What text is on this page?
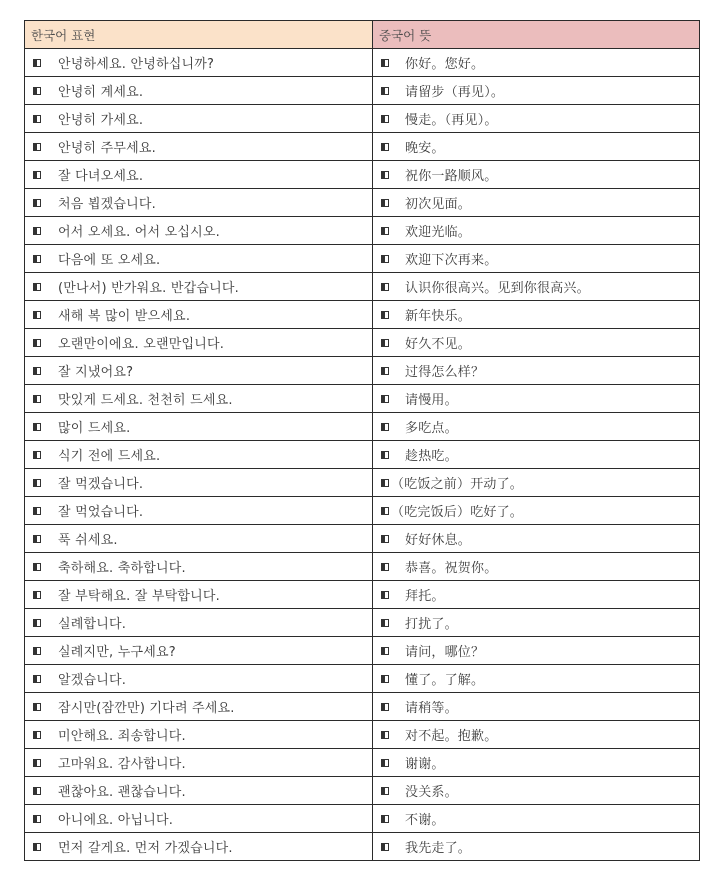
한국어 표현	중국어 뜻

안녕하세요. 안녕하십니까?	你好。您好。

안녕히 계세요.	请留步（再见）。

안녕히 가세요.	慢走。（再见）。

안녕히 주무세요.	晚安。

잘 다녀오세요.	祝你一路顺风。

처음 뵙겠습니다.	初次见面。

어서 오세요. 어서 오십시오.	欢迎光临。

다음에 또 오세요.	欢迎下次再来。

(만나서) 반가워요. 반갑습니다.	认识你很高兴。见到你很高兴。

새해 복 많이 받으세요.	新年快乐。

오랜만이에요. 오랜만입니다.	好久不见。

잘 지냈어요?	过得怎么样？

맛있게 드세요. 천천히 드세요.	请慢用。

많이 드세요.	多吃点。

식기 전에 드세요.	趁热吃。

잘 먹겠습니다.	（吃饭之前）开动了。

잘 먹었습니다.	（吃完饭后）吃好了。

푹 쉬세요.	好好休息。

축하해요. 축하합니다.	恭喜。祝贺你。

잘 부탁해요. 잘 부탁합니다.	拜托。

실례합니다.	打扰了。

실례지만, 누구세요?	请问，哪位？

알겠습니다.	懂了。了解。

잠시만(잠깐만) 기다려 주세요.	请稍等。

미안해요. 죄송합니다.	对不起。抱歉。

고마워요. 감사합니다.	谢谢。

괜찮아요. 괜찮습니다.	没关系。

아니에요. 아닙니다.	不谢。

먼저 갈게요. 먼저 가겠습니다.	我先走了。
